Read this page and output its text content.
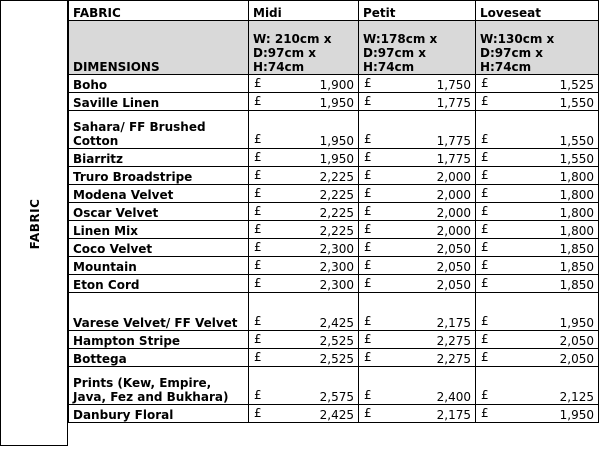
FABRIC
FABRIC	Midi	Petit	Loveseat
DIMENSIONS	W: 210cm x D:97cm x H:74cm	W:178cm x D:97cm x H:74cm	W:130cm x D:97cm x H:74cm
Boho	£ 1,900	£ 1,750	£ 1,525

Saville Linen	£ 1,950	£ 1,775	£ 1,550

Sahara/ FF Brushed Cotton	£ 1,950	£ 1,775	£ 1,550

Biarritz	£ 1,950	£ 1,775	£ 1,550

Truro Broadstripe	£ 2,225	£ 2,000	£ 1,800

Modena Velvet	£ 2,225	£ 2,000	£ 1,800

Oscar Velvet	£ 2,225	£ 2,000	£ 1,800

Linen Mix	£ 2,225	£ 2,000	£ 1,800

Coco Velvet	£ 2,300	£ 2,050	£ 1,850

Mountain	£ 2,300	£ 2,050	£ 1,850

Eton Cord	£ 2,300	£ 2,050	£ 1,850

Varese Velvet/ FF Velvet	£ 2,425	£ 2,175	£ 1,950

Hampton Stripe	£ 2,525	£ 2,275	£ 2,050

Bottega	£ 2,525	£ 2,275	£ 2,050

Prints (Kew, Empire, Java, Fez and Bukhara)	£ 2,575	£ 2,400	£ 2,125

Danbury Floral	£ 2,425	£ 2,175	£ 1,950
